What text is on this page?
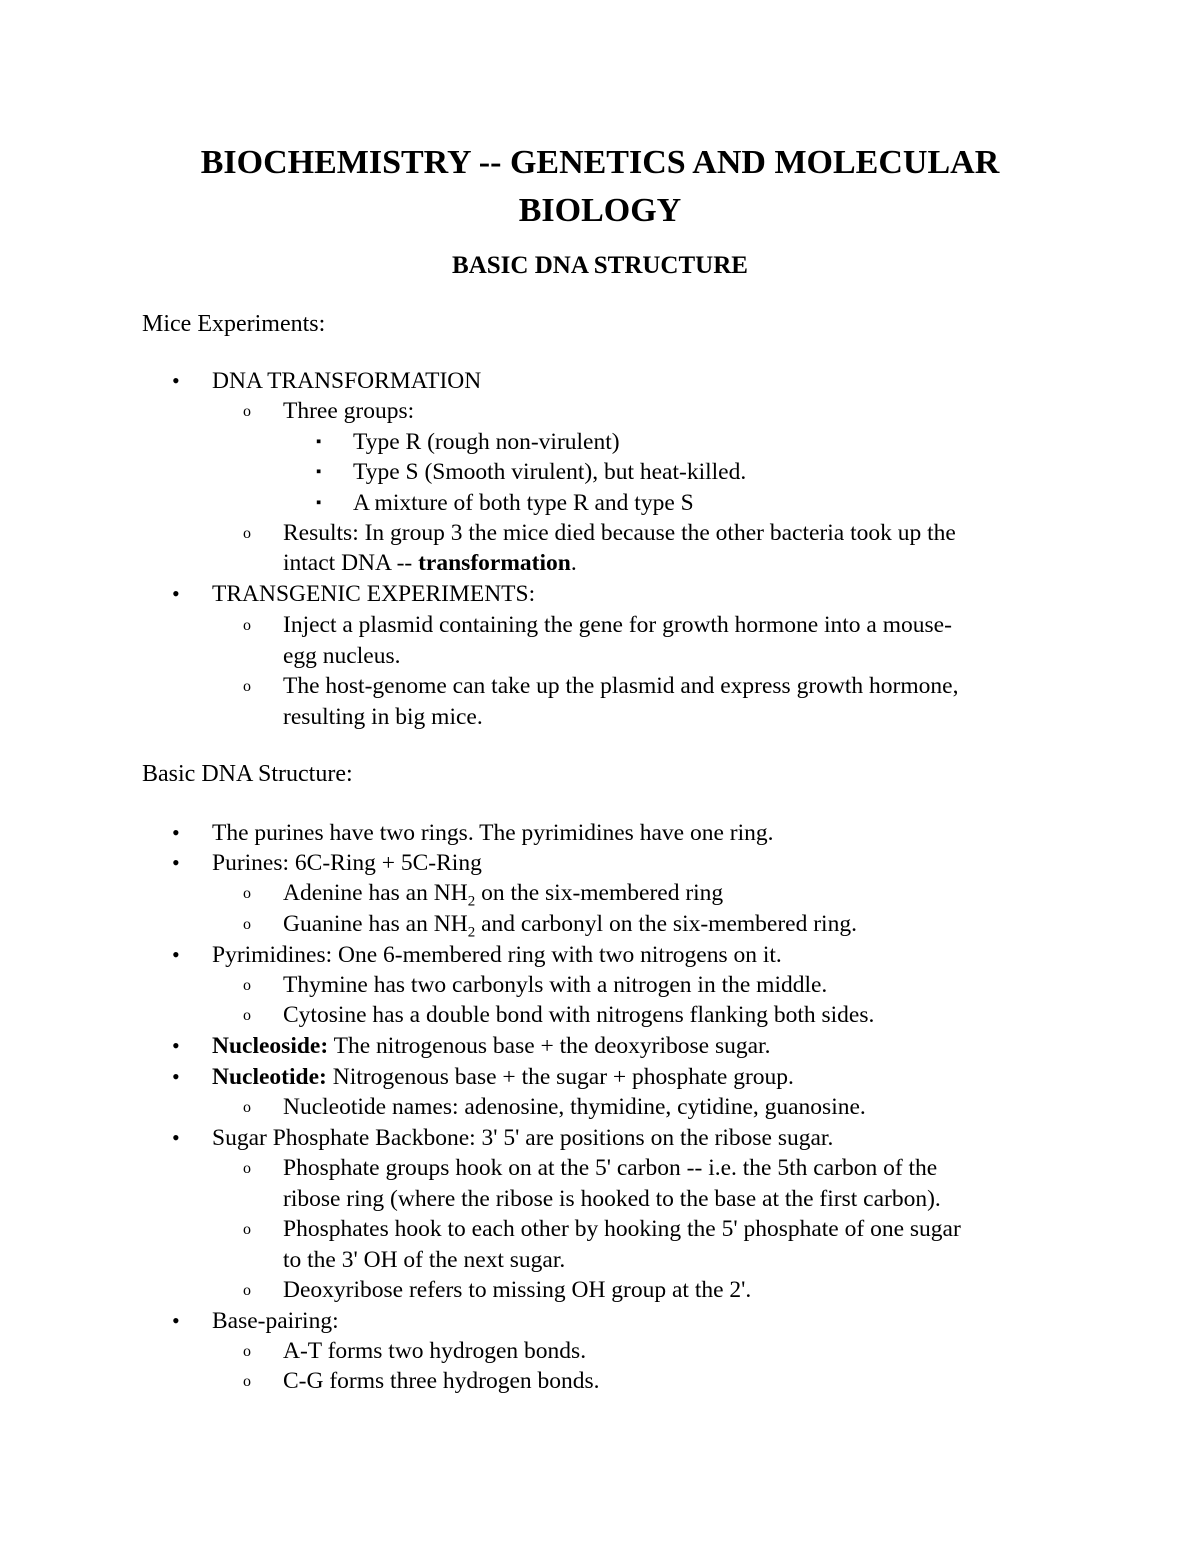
BIOCHEMISTRY -- GENETICS AND MOLECULAR
BIOLOGY
BASIC DNA STRUCTURE

Mice Experiments:

• DNA TRANSFORMATION
o Three groups:
▪ Type R (rough non-virulent)
▪ Type S (Smooth virulent), but heat-killed.
▪ A mixture of both type R and type S
o Results: In group 3 the mice died because the other bacteria took up the
intact DNA -- transformation.
• TRANSGENIC EXPERIMENTS:
o Inject a plasmid containing the gene for growth hormone into a mouse-
egg nucleus.
o The host-genome can take up the plasmid and express growth hormone,
resulting in big mice.

Basic DNA Structure:

• The purines have two rings. The pyrimidines have one ring.
• Purines: 6C-Ring + 5C-Ring
o Adenine has an $NH_2$ on the six-membered ring
o Guanine has an $NH_2$ and carbonyl on the six-membered ring.
• Pyrimidines: One 6-membered ring with two nitrogens on it.
o Thymine has two carbonyls with a nitrogen in the middle.
o Cytosine has a double bond with nitrogens flanking both sides.
• Nucleoside: The nitrogenous base + the deoxyribose sugar.
• Nucleotide: Nitrogenous base + the sugar + phosphate group.
o Nucleotide names: adenosine, thymidine, cytidine, guanosine.
• Sugar Phosphate Backbone: 3' 5' are positions on the ribose sugar.
o Phosphate groups hook on at the 5' carbon -- i.e. the 5th carbon of the
ribose ring (where the ribose is hooked to the base at the first carbon).
o Phosphates hook to each other by hooking the 5' phosphate of one sugar
to the 3' OH of the next sugar.
o Deoxyribose refers to missing OH group at the 2'.
• Base-pairing:
o A-T forms two hydrogen bonds.
o C-G forms three hydrogen bonds.
